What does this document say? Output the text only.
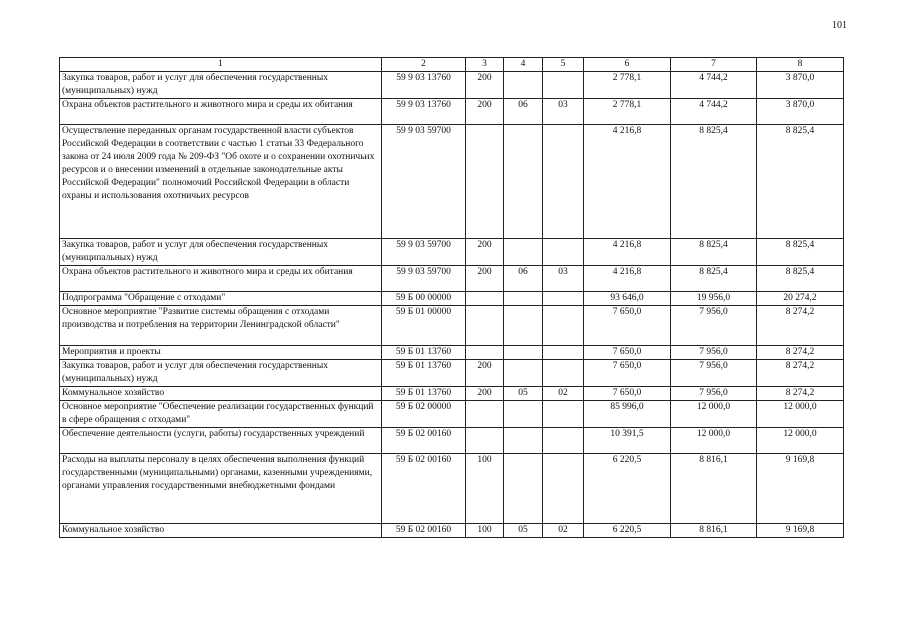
101
1	2	3	4	5	6	7	8
Закупка товаров, работ и услуг для обеспечения государственных (муниципальных) нужд	59 9 03 13760	200			2 778,1	4 744,2	3 870,0
Охрана объектов растительного и животного мира и среды их обитания	59 9 03 13760	200	06	03	2 778,1	4 744,2	3 870,0
Осуществление переданных органам государственной власти субъектов Российской Федерации в соответствии с частью 1 статьи 33 Федерального закона от 24 июля 2009 года № 209-ФЗ "Об охоте и о сохранении охотничьих ресурсов и о внесении изменений в отдельные законодательные акты Российской Федерации" полномочий Российской Федерации в области охраны и использования охотничьих ресурсов	59 9 03 59700				4 216,8	8 825,4	8 825,4
Закупка товаров, работ и услуг для обеспечения государственных (муниципальных) нужд	59 9 03 59700	200			4 216,8	8 825,4	8 825,4
Охрана объектов растительного и животного мира и среды их обитания	59 9 03 59700	200	06	03	4 216,8	8 825,4	8 825,4
Подпрограмма "Обращение с отходами"	59 Б 00 00000				93 646,0	19 956,0	20 274,2
Основное мероприятие "Развитие системы обращения с отходами производства и потребления на территории Ленинградской области"	59 Б 01 00000				7 650,0	7 956,0	8 274,2
Мероприятия и проекты	59 Б 01 13760				7 650,0	7 956,0	8 274,2
Закупка товаров, работ и услуг для обеспечения государственных (муниципальных) нужд	59 Б 01 13760	200			7 650,0	7 956,0	8 274,2
Коммунальное хозяйство	59 Б 01 13760	200	05	02	7 650,0	7 956,0	8 274,2
Основное мероприятие "Обеспечение реализации государственных функций в сфере обращения с отходами"	59 Б 02 00000				85 996,0	12 000,0	12 000,0
Обеспечение деятельности (услуги, работы) государственных учреждений	59 Б 02 00160				10 391,5	12 000,0	12 000,0
Расходы на выплаты персоналу в целях обеспечения выполнения функций государственными (муниципальными) органами, казенными учреждениями, органами управления государственными внебюджетными фондами	59 Б 02 00160	100			6 220,5	8 816,1	9 169,8
Коммунальное хозяйство	59 Б 02 00160	100	05	02	6 220,5	8 816,1	9 169,8
